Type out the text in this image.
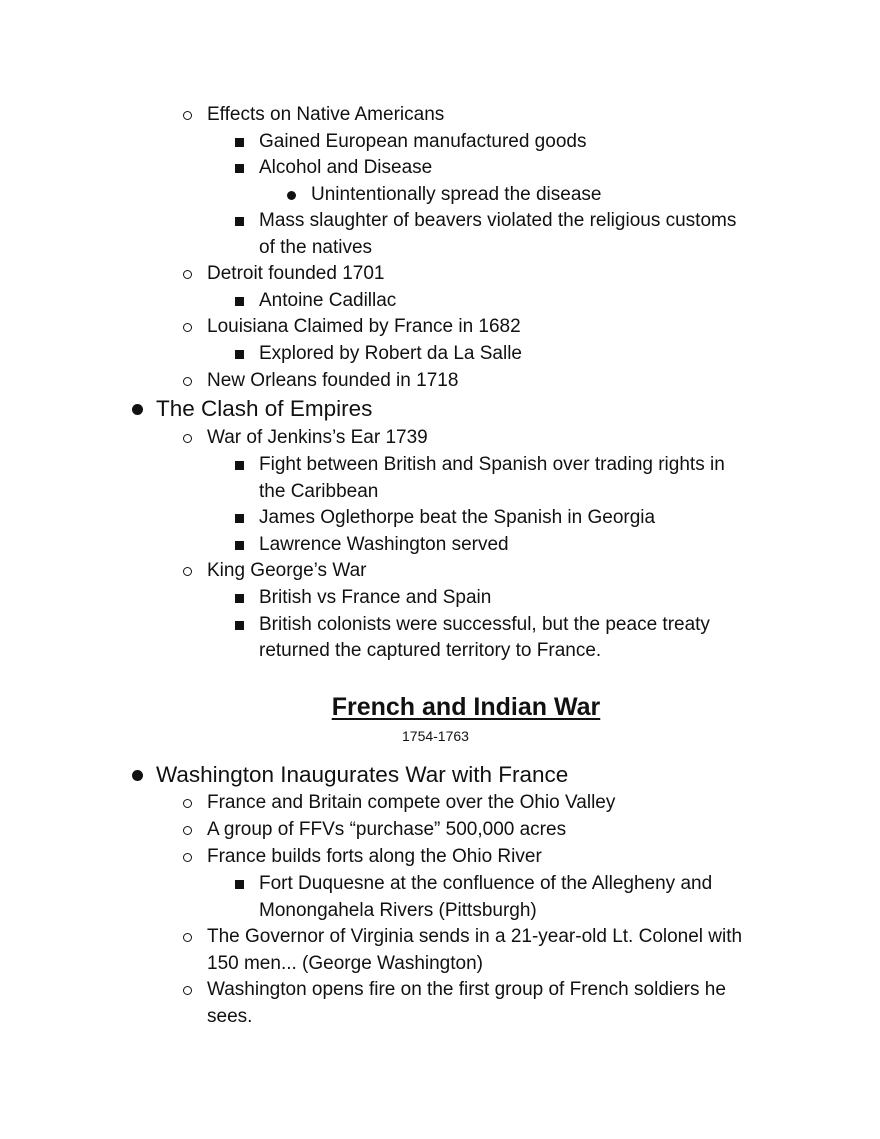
Effects on Native Americans
Gained European manufactured goods
Alcohol and Disease
Unintentionally spread the disease
Mass slaughter of beavers violated the religious customs
of the natives
Detroit founded 1701
Antoine Cadillac
Louisiana Claimed by France in 1682
Explored by Robert da La Salle
New Orleans founded in 1718
The Clash of Empires
War of Jenkins’s Ear 1739
Fight between British and Spanish over trading rights in
the Caribbean
James Oglethorpe beat the Spanish in Georgia
Lawrence Washington served
King George’s War
British vs France and Spain
British colonists were successful, but the peace treaty
returned the captured territory to France.
French and Indian War
1754-1763
Washington Inaugurates War with France
France and Britain compete over the Ohio Valley
A group of FFVs “purchase” 500,000 acres
France builds forts along the Ohio River
Fort Duquesne at the confluence of the Allegheny and
Monongahela Rivers (Pittsburgh)
The Governor of Virginia sends in a 21-year-old Lt. Colonel with
150 men... (George Washington)
Washington opens fire on the first group of French soldiers he
sees.
